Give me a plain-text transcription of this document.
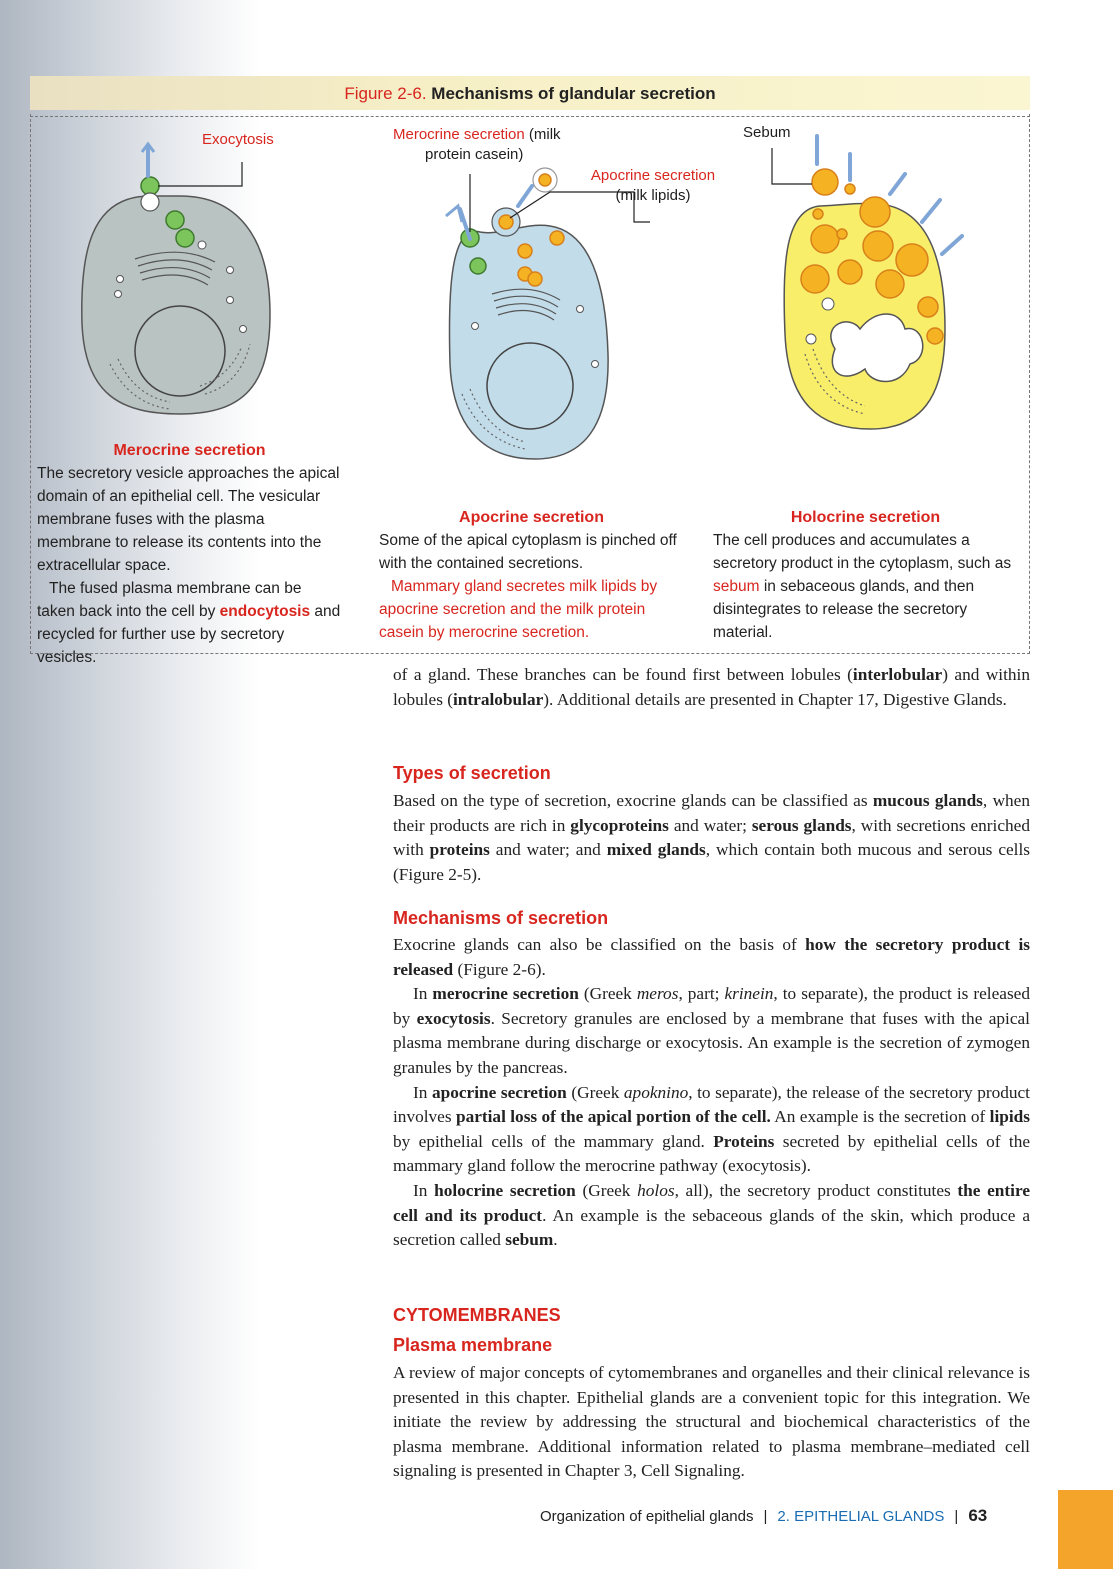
Figure 2-6. Mechanisms of glandular secretion
Exocytosis	Merocrine secretion (milk
protein casein)
Apocrine secretion
(milk lipids)
Sebum
Merocrine secretion
The secretory vesicle approaches the apical domain of an epithelial cell. The vesicular membrane fuses with the plasma membrane to release its contents into the extracellular space.
The fused plasma membrane can be taken back into the cell by endocytosis and recycled for further use by secretory vesicles.
Apocrine secretion
Some of the apical cytoplasm is pinched off with the contained secretions.
Mammary gland secretes milk lipids by apocrine secretion and the milk protein casein by merocrine secretion.
Holocrine secretion
The cell produces and accumulates a secretory product in the cytoplasm, such as sebum in sebaceous glands, and then disintegrates to release the secretory material.

of a gland. These branches can be found first between lobules (interlobular) and within lobules (intralobular). Additional details are presented in Chapter 17, Digestive Glands.

Types of secretion

Based on the type of secretion, exocrine glands can be classified as mucous glands, when their products are rich in glycoproteins and water; serous glands, with secretions enriched with proteins and water; and mixed glands, which contain both mucous and serous cells (Figure 2-5).

Mechanisms of secretion

Exocrine glands can also be classified on the basis of how the secretory product is released (Figure 2-6).

In merocrine secretion (Greek meros, part; krinein, to separate), the product is released by exocytosis. Secretory granules are enclosed by a membrane that fuses with the apical plasma membrane during discharge or exocytosis. An example is the secretion of zymogen granules by the pancreas.

In apocrine secretion (Greek apoknino, to separate), the release of the secretory product involves partial loss of the apical portion of the cell. An example is the secretion of lipids by epithelial cells of the mammary gland. Proteins secreted by epithelial cells of the mammary gland follow the merocrine pathway (exocytosis).

In holocrine secretion (Greek holos, all), the secretory product constitutes the entire cell and its product. An example is the sebaceous glands of the skin, which produce a secretion called sebum.

CYTOMEMBRANES
Plasma membrane

A review of major concepts of cytomembranes and organelles and their clinical relevance is presented in this chapter. Epithelial glands are a convenient topic for this integration. We initiate the review by addressing the structural and biochemical characteristics of the plasma membrane. Additional information related to plasma membrane–mediated cell signaling is presented in Chapter 3, Cell Signaling.

Organization of epithelial glands | 2. EPITHELIAL GLANDS | 63
